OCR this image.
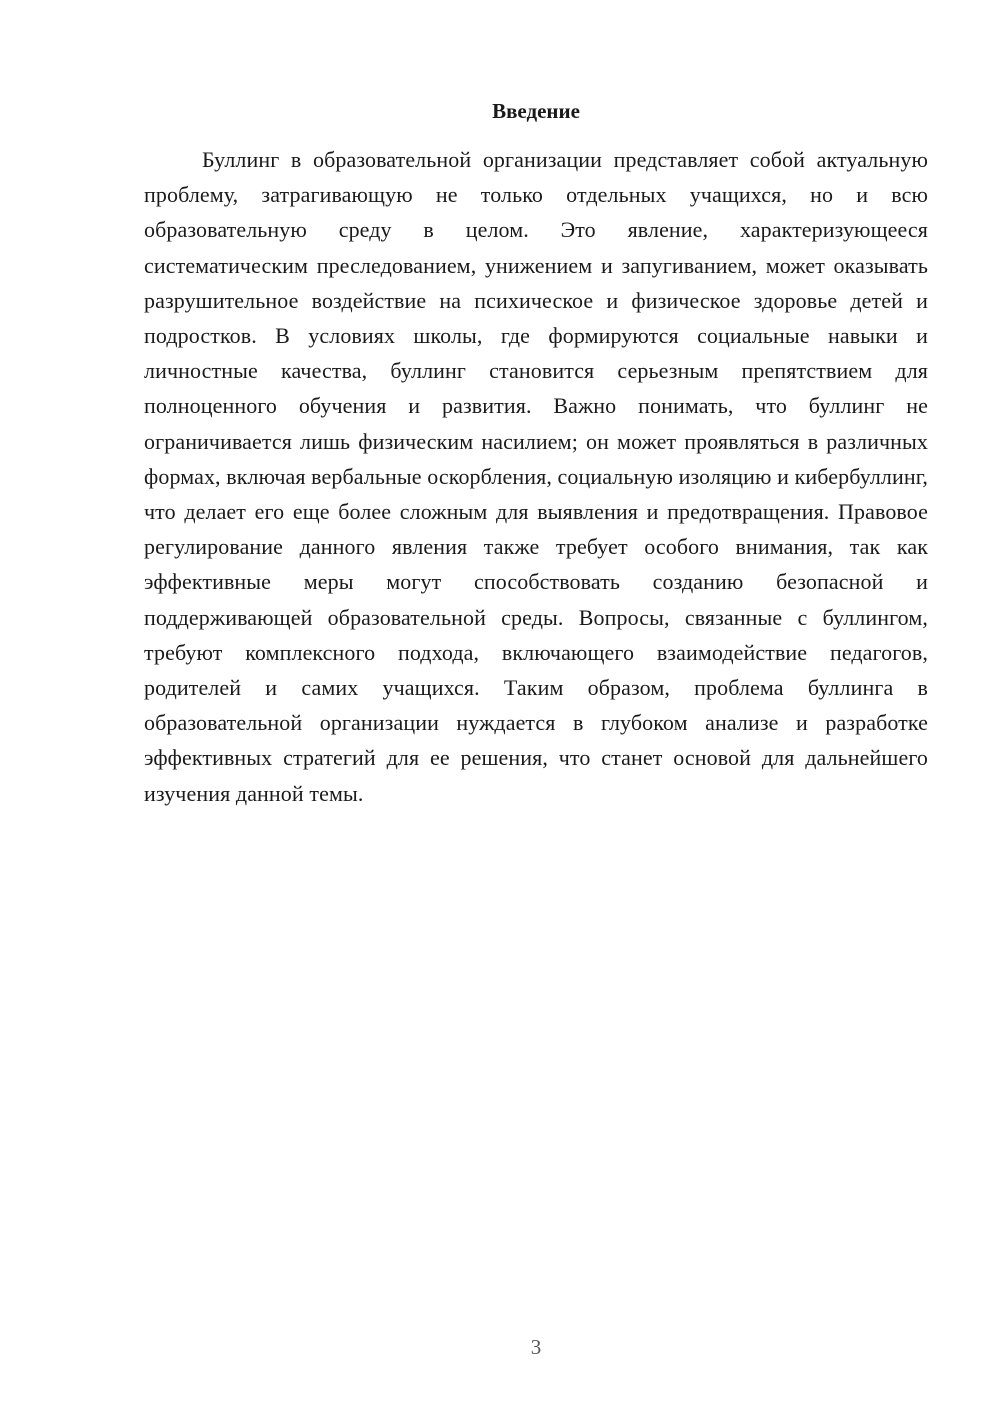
Введение

Буллинг в образовательной организации представляет собой актуальную проблему, затрагивающую не только отдельных учащихся, но и всю образовательную среду в целом. Это явление, характеризующееся систематическим преследованием, унижением и запугиванием, может оказывать разрушительное воздействие на психическое и физическое здоровье детей и подростков. В условиях школы, где формируются социальные навыки и личностные качества, буллинг становится серьезным препятствием для полноценного обучения и развития. Важно понимать, что буллинг не ограничивается лишь физическим насилием; он может проявляться в различных формах, включая вербальные оскорбления, социальную изоляцию и кибербуллинг, что делает его еще более сложным для выявления и предотвращения. Правовое регулирование данного явления также требует особого внимания, так как эффективные меры могут способствовать созданию безопасной и поддерживающей образовательной среды. Вопросы, связанные с буллингом, требуют комплексного подхода, включающего взаимодействие педагогов, родителей и самих учащихся. Таким образом, проблема буллинга в образовательной организации нуждается в глубоком анализе и разработке эффективных стратегий для ее решения, что станет основой для дальнейшего изучения данной темы.

3
